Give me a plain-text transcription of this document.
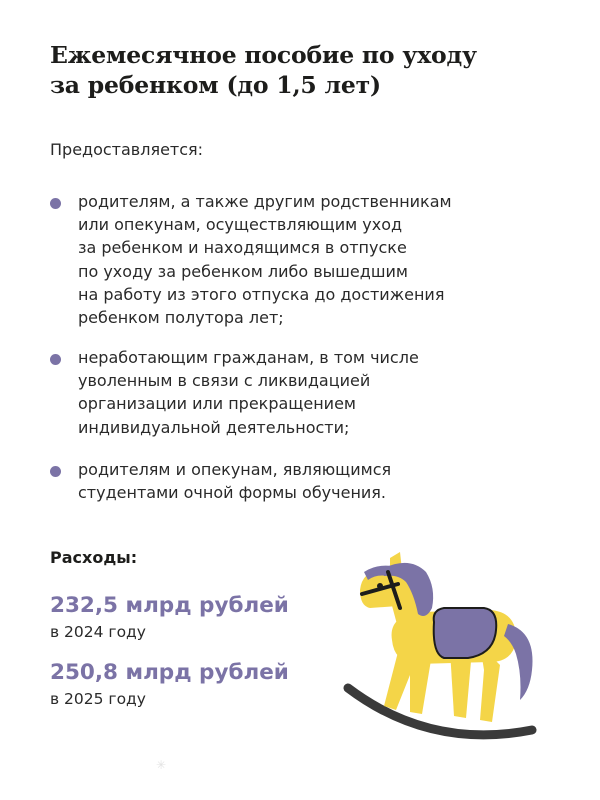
Ежемесячное пособие по уходу
за ребенком (до 1,5 лет)

Предоставляется:

родителям, а также другим родственникам
или опекунам, осуществляющим уход
за ребенком и находящимся в отпуске
по уходу за ребенком либо вышедшим
на работу из этого отпуска до достижения
ребенком полутора лет;

неработающим гражданам, в том числе
уволенным в связи с ликвидацией
организации или прекращением
индивидуальной деятельности;

родителям и опекунам, являющимся
студентами очной формы обучения.

Расходы:

232,5 млрд рублей

в 2024 году

250,8 млрд рублей

в 2025 году

✳
